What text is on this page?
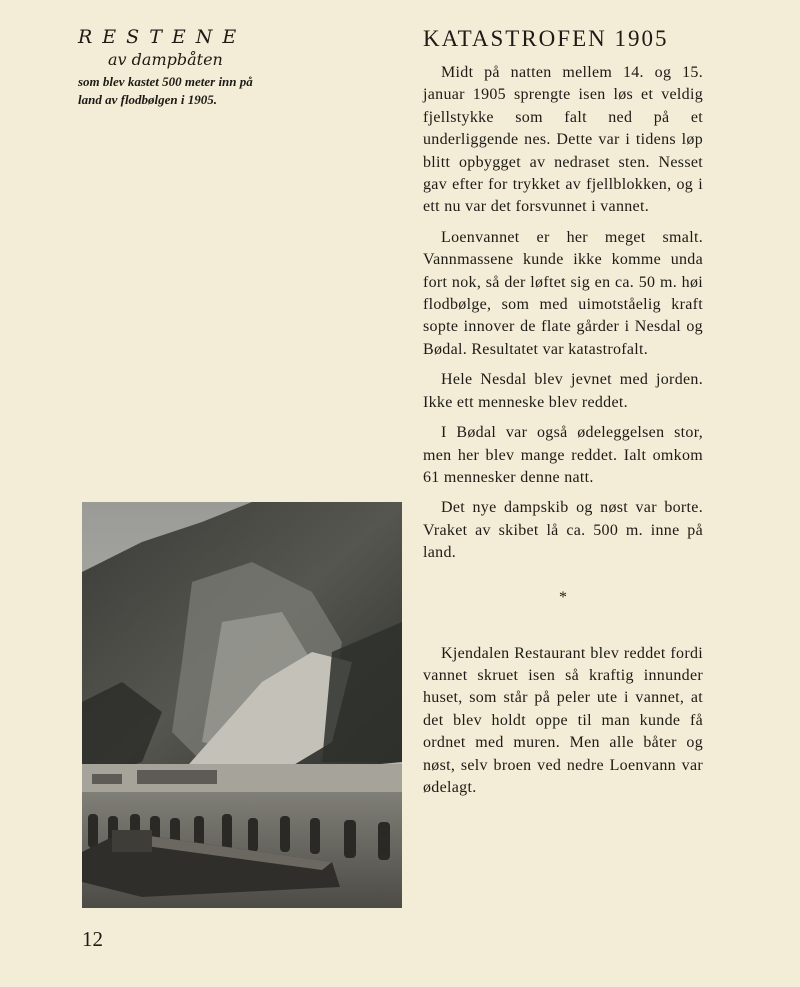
RESTENE

av dampbåten

som blev kastet 500 meter inn på land av flodbølgen i 1905.

KATASTROFEN 1905

Midt på natten mellem 14. og 15. januar 1905 sprengte isen løs et veldig fjellstykke som falt ned på et underliggende nes. Dette var i tidens løp blitt opbygget av nedraset sten. Nesset gav efter for trykket av fjellblokken, og i ett nu var det forsvunnet i vannet.

Loenvannet er her meget smalt. Vannmassene kunde ikke komme unda fort nok, så der løftet sig en ca. 50 m. høi flodbølge, som med uimotståelig kraft sopte innover de flate gårder i Nesdal og Bødal. Resultatet var katastrofalt.

Hele Nesdal blev jevnet med jorden. Ikke ett menneske blev reddet.

I Bødal var også ødeleggelsen stor, men her blev mange reddet. Ialt omkom 61 mennesker denne natt.

Det nye dampskib og nøst var borte. Vraket av skibet lå ca. 500 m. inne på land.

*

Kjendalen Restaurant blev reddet fordi vannet skruet isen så kraftig innunder huset, som står på peler ute i vannet, at det blev holdt oppe til man kunde få ordnet med muren. Men alle båter og nøst, selv broen ved nedre Loenvann var ødelagt.

12
